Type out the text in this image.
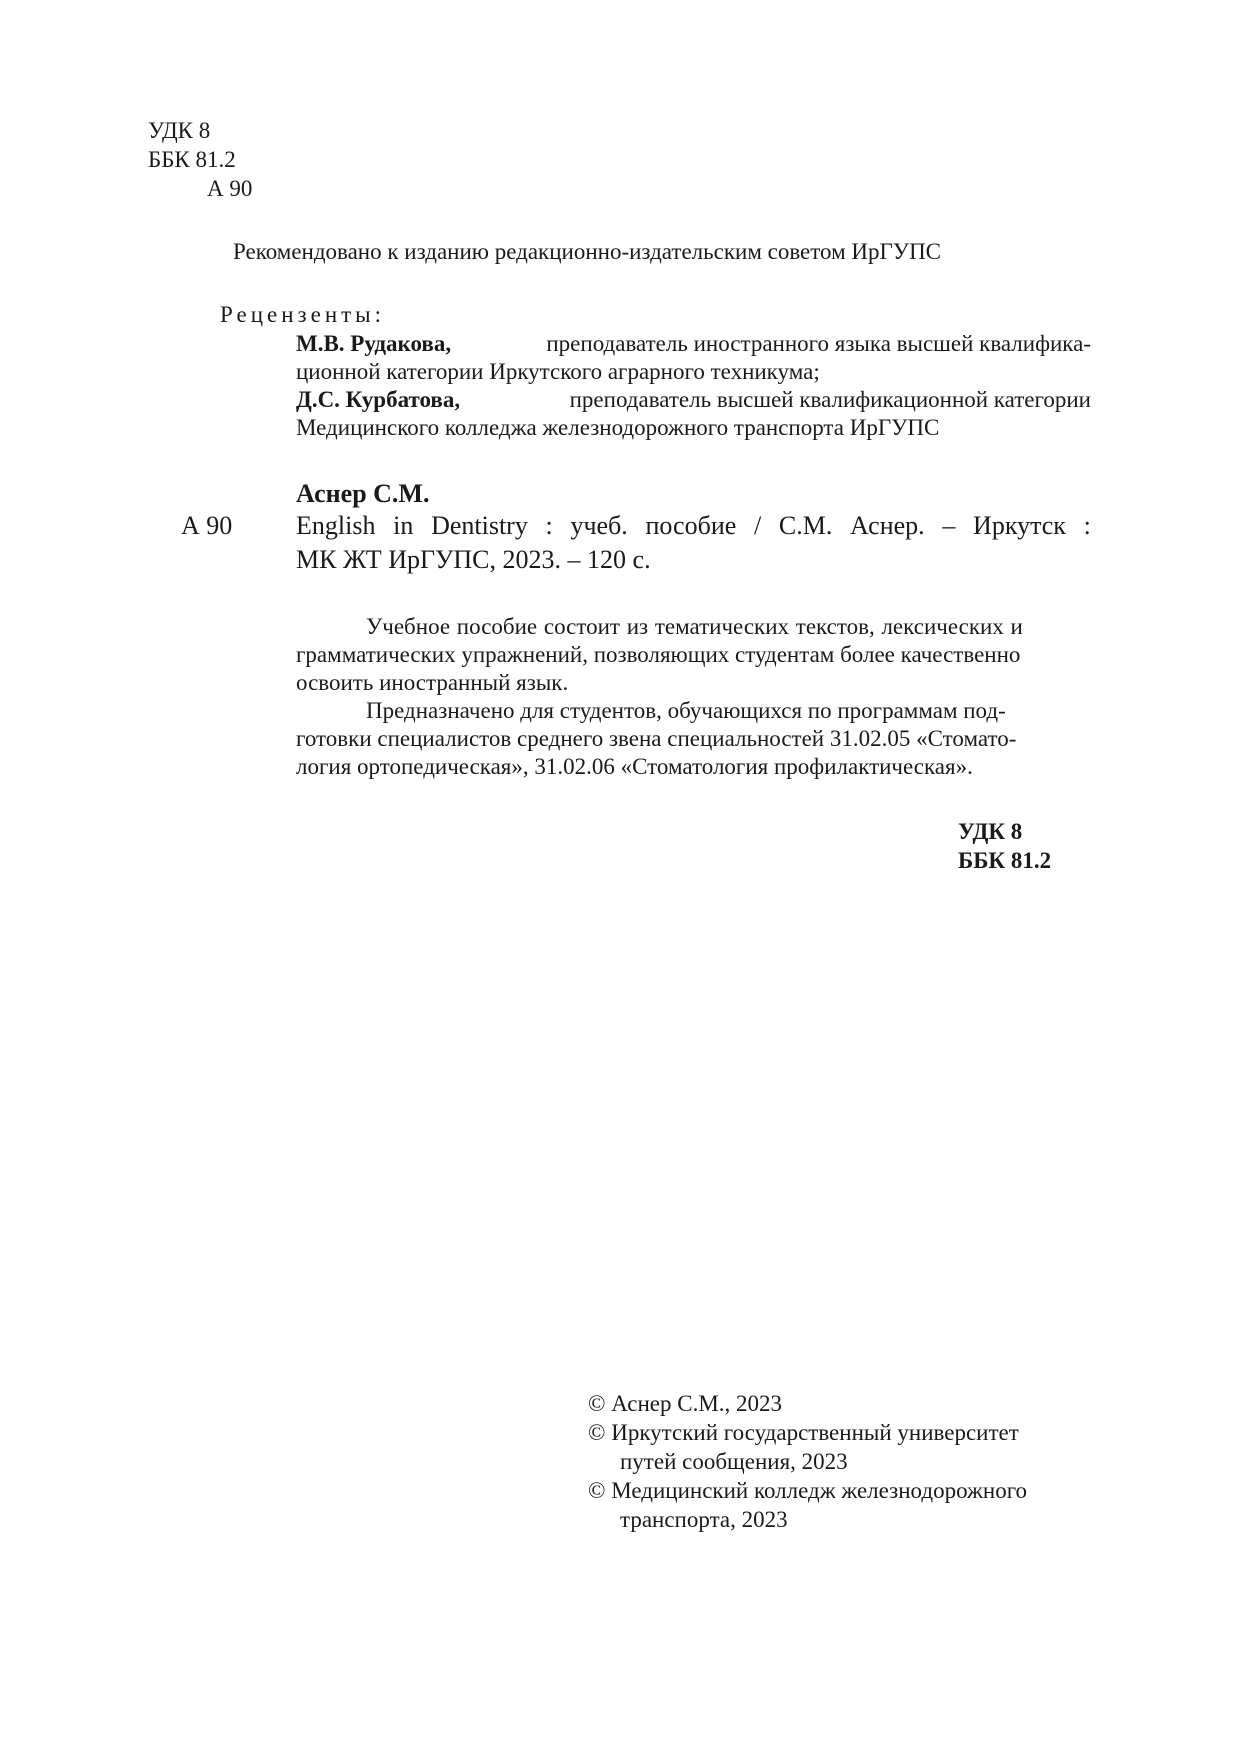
УДК 8
ББК 81.2
А 90
Рекомендовано к изданию редакционно-издательским советом ИрГУПС
Рецензенты:
М.В. Рудакова,	преподаватель иностранного языка высшей квалифика-
ционной категории Иркутского аграрного техникума;
Д.С. Курбатова,	преподаватель высшей квалификационной категории
Медицинского колледжа железнодорожного транспорта ИрГУПС
Аснер С.М.
А 90 English in Dentistry : учеб. пособие / С.М. Аснер. – Иркутск :
МК ЖТ ИрГУПС, 2023. – 120 с.
Учебное пособие состоит из тематических текстов, лексических и
грамматических упражнений, позволяющих студентам более качественно
освоить иностранный язык.
Предназначено для студентов, обучающихся по программам под-
готовки специалистов среднего звена специальностей 31.02.05 «Стомато-
логия ортопедическая», 31.02.06 «Стоматология профилактическая».
УДК 8
ББК 81.2
© Аснер С.М., 2023
© Иркутский государственный университет
путей сообщения, 2023
© Медицинский колледж железнодорожного
транспорта, 2023
